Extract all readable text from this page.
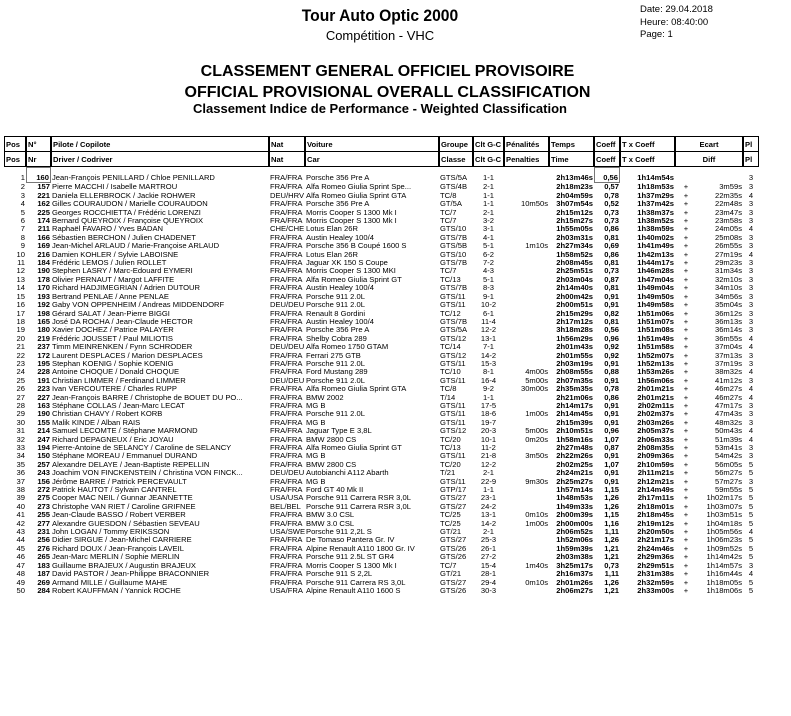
Tour Auto Optic 2000
Compétition - VHC
Date: 29.04.2018
Heure: 08:40:00
Page: 1
CLASSEMENT GENERAL OFFICIEL PROVISOIRE
OFFICIAL PROVISIONAL OVERALL CLASSIFICATION
Classement Indice de Performance - Weighted Classification
Pos	N°	Pilote / Copilote	Nat	Voiture	Groupe	Clt G-C	Pénalités	Temps	Coeff	T x Coeff	Ecart		Pl
Pos	Nr	Driver / Codriver	Nat	Car	Classe	Clt G-C	Penalties	Time	Coeff	T x Coeff	Diff		Pl
1	160	Jean-François PENILLARD / Chloe PENILLARD	FRA/FRA	Porsche 356 Pre A	GTS/5A	1-1		2h13m46s	0,56	1h14m54s			3
2	157	Pierre MACCHI / Isabelle MARTROU	FRA/FRA	Alfa Romeo Giulia Sprint Spe...	GTS/4B	2-1		2h18m23s	0,57	1h18m53s	+	3m59s	3
3	221	Daniela ELLERBROCK / Jackie ROHWER	DEU/HRV	Alfa Romeo Giulia Sprint GTA	TC/8	1-1		2h04m59s	0,78	1h37m29s	+	22m35s	4
4	162	Gilles COURAUDON / Marielle COURAUDON	FRA/FRA	Porsche 356 Pre A	GT/5A	1-1	10m50s	3h07m54s	0,52	1h37m42s	+	22m48s	3
5	225	Georges ROCCHIETTA / Frédéric LORENZI	FRA/FRA	Morris Cooper S 1300 Mk I	TC/7	2-1		2h15m12s	0,73	1h38m37s	+	23m47s	3
6	174	Bernard QUEYROIX / Françoise QUEYROIX	FRA/FRA	Morris Cooper S 1300 Mk I	TC/7	3-2		2h15m27s	0,73	1h38m52s	+	23m58s	3
7	211	Raphaël FAVARO / Yves BADAN	CHE/CHE	Lotus Elan 26R	GTS/10	3-1		1h55m05s	0,86	1h38m59s	+	24m05s	4
8	166	Sébastien BERCHON / Julien CHADENET	FRA/FRA	Austin Healey 100/4	GTS/7B	4-1		2h03m31s	0,81	1h40m02s	+	25m08s	3
9	169	Jean-Michel ARLAUD / Marie-Françoise ARLAUD	FRA/FRA	Porsche 356 B Coupé 1600 S	GTS/5B	5-1	1m10s	2h27m34s	0,69	1h41m49s	+	26m55s	3
10	216	Damien KOHLER / Sylvie LABOISNE	FRA/FRA	Lotus Elan 26R	GTS/10	6-2		1h58m52s	0,86	1h42m13s	+	27m19s	4
11	184	Frédéric LEMOS / Julien ROLLET	FRA/FRA	Jaguar XK 150 S Coupe	GTS/7B	7-2		2h08m45s	0,81	1h44m17s	+	29m23s	3
12	190	Stephen LASRY / Marc-Edouard EYMERI	FRA/FRA	Morris Cooper S 1300 MKI	TC/7	4-3		2h25m51s	0,73	1h46m28s	+	31m34s	3
13	178	Olivier PERNAUT / Margot LAFFITE	FRA/FRA	Alfa Romeo Giulia Sprint GT	TC/13	5-1		2h03m04s	0,87	1h47m04s	+	32m10s	3
14	170	Richard HADJIMEGRIAN / Adrien DUTOUR	FRA/FRA	Austin Healey 100/4	GTS/7B	8-3		2h14m40s	0,81	1h49m04s	+	34m10s	3
15	193	Bertrand PENLAE / Anne PENLAE	FRA/FRA	Porsche 911 2.0L	GTS/11	9-1		2h00m42s	0,91	1h49m50s	+	34m56s	3
16	192	Gaby VON OPPENHEIM / Andreas MIDDENDORF	DEU/DEU	Porsche 911 2.0L	GTS/11	10-2		2h00m51s	0,91	1h49m58s	+	35m04s	3
17	198	Gérard SALAT / Jean-Pierre BIGGI	FRA/FRA	Renault 8 Gordini	TC/12	6-1		2h15m29s	0,82	1h51m06s	+	36m12s	3
18	165	José DA ROCHA / Jean-Claude HECTOR	FRA/FRA	Austin Healey 100/4	GTS/7B	11-4		2h17m12s	0,81	1h51m07s	+	36m13s	3
19	180	Xavier DOCHEZ / Patrice PALAYER	FRA/FRA	Porsche 356 Pre A	GTS/5A	12-2		3h18m28s	0,56	1h51m08s	+	36m14s	3
20	219	Frédéric JOUSSET / Paul MILIOTIS	FRA/FRA	Shelby Cobra 289	GTS/12	13-1		1h56m29s	0,96	1h51m49s	+	36m55s	4
21	237	Timm MEINRENKEN / Fynn SCHRODER	DEU/DEU	Alfa Romeo 1750 GTAM	TC/14	7-1		2h01m43s	0,92	1h51m58s	+	37m04s	4
22	172	Laurent DESPLACES / Marion DESPLACES	FRA/FRA	Ferrari 275 GTB	GTS/12	14-2		2h01m55s	0,92	1h52m07s	+	37m13s	3
23	195	Stephan KOENIG / Sophie KOENIG	FRA/FRA	Porsche 911 2.0L	GTS/11	15-3		2h03m19s	0,91	1h52m13s	+	37m19s	3
24	228	Antoine CHOQUE / Donald CHOQUE	FRA/FRA	Ford Mustang 289	TC/10	8-1	4m00s	2h08m55s	0,88	1h53m26s	+	38m32s	4
25	191	Christian LIMMER / Ferdinand LIMMER	DEU/DEU	Porsche 911 2.0L	GTS/11	16-4	5m00s	2h07m35s	0,91	1h56m06s	+	41m12s	3
26	223	Ivan VERCOUTERE / Charles RUPP	FRA/FRA	Alfa Romeo Giulia Sprint GTA	TC/8	9-2	30m00s	2h35m35s	0,78	2h01m21s	+	46m27s	4
27	227	Jean-François BARRE / Christophe de BOUET DU PO...	FRA/FRA	BMW 2002	T/14	1-1		2h21m06s	0,86	2h01m21s	+	46m27s	4
28	163	Stéphane COLLAS / Jean-Marc LECAT	FRA/FRA	MG B	GTS/11	17-5		2h14m17s	0,91	2h02m11s	+	47m17s	3
29	190	Christian CHAVY / Robert KORB	FRA/FRA	Porsche 911 2.0L	GTS/11	18-6	1m00s	2h14m45s	0,91	2h02m37s	+	47m43s	3
30	155	Malik KINDE / Alban RAIS	FRA/FRA	MG B	GTS/11	19-7		2h15m39s	0,91	2h03m26s	+	48m32s	3
31	214	Samuel LECOMTE / Stéphane MARMOND	FRA/FRA	Jaguar Type E 3,8L	GTS/12	20-3	5m00s	2h10m51s	0,96	2h05m37s	+	50m43s	4
32	247	Richard DEPAGNEUX / Eric JOYAU	FRA/FRA	BMW 2800 CS	TC/20	10-1	0m20s	1h58m16s	1,07	2h06m33s	+	51m39s	4
33	194	Pierre-Antoine de SELANCY / Caroline de SELANCY	FRA/FRA	Alfa Romeo Giulia Sprint GT	TC/13	11-2		2h27m48s	0,87	2h08m35s	+	53m41s	3
34	150	Stéphane MOREAU / Emmanuel DURAND	FRA/FRA	MG B	GTS/11	21-8	3m50s	2h22m26s	0,91	2h09m36s	+	54m42s	3
35	257	Alexandre DELAYE / Jean-Baptiste REPELLIN	FRA/FRA	BMW 2800 CS	TC/20	12-2		2h02m25s	1,07	2h10m59s	+	56m05s	5
36	243	Joachim VON FINCKENSTEIN / Christina VON FINCK...	DEU/DEU	Autobianchi A112 Abarth	T/21	2-1		2h24m21s	0,91	2h11m21s	+	56m27s	5
37	156	Jérôme BARRE / Patrick PERCEVAULT	FRA/FRA	MG B	GTS/11	22-9	9m30s	2h25m27s	0,91	2h12m21s	+	57m27s	3
38	272	Patrick HAUTOT / Sylvain CANTREL	FRA/FRA	Ford GT 40 Mk II	GTP/17	1-1		1h57m14s	1,15	2h14m49s	+	59m55s	5
39	275	Cooper MAC NEIL / Gunnar JEANNETTE	USA/USA	Porsche 911 Carrera RSR 3,0L	GTS/27	23-1		1h48m53s	1,26	2h17m11s	+	1h02m17s	5
40	273	Christophe VAN RIET / Caroline GRIFNEE	BEL/BEL	Porsche 911 Carrera RSR 3,0L	GTS/27	24-2		1h49m33s	1,26	2h18m01s	+	1h03m07s	5
41	255	Jean-Claude BASSO / Robert VERBER	FRA/FRA	BMW 3.0 CSL	TC/25	13-1	0m10s	2h00m39s	1,15	2h18m45s	+	1h03m51s	5
42	277	Alexandre GUESDON / Sébastien SEVEAU	FRA/FRA	BMW 3.0 CSL	TC/25	14-2	1m00s	2h00m00s	1,16	2h19m12s	+	1h04m18s	5
43	231	John LOGAN / Tommy ERIKSSON	USA/SWE	Porsche 911 2,2L S	GT/21	2-1		2h06m52s	1,11	2h20m50s	+	1h05m56s	4
44	256	Didier SIRGUE / Jean-Michel CARRIERE	FRA/FRA	De Tomaso Pantera Gr. IV	GTS/27	25-3		1h52m06s	1,26	2h21m17s	+	1h06m23s	5
45	276	Richard DOUX / Jean-François LAVEIL	FRA/FRA	Alpine Renault A110 1800 Gr. IV	GTS/26	26-1		1h59m39s	1,21	2h24m46s	+	1h09m52s	5
46	265	Jean-Marc MERLIN / Sophie MERLIN	FRA/FRA	Porsche 911 2.5L ST GR4	GTS/26	27-2		2h03m38s	1,21	2h29m36s	+	1h14m42s	5
47	183	Guillaume BRAJEUX / Augustin BRAJEUX	FRA/FRA	Morris Cooper S 1300 Mk I	TC/7	15-4	1m40s	3h25m17s	0,73	2h29m51s	+	1h14m57s	3
48	187	David PASTOR / Jean-Philippe BRACONNIER	FRA/FRA	Porsche 911 S 2,2L	GT/21	28-1		2h16m37s	1,11	2h31m38s	+	1h16m44s	4
49	269	Armand MILLE / Guillaume MAHE	FRA/FRA	Porsche 911 Carrera RS 3,0L	GTS/27	29-4	0m10s	2h01m26s	1,26	2h32m59s	+	1h18m05s	5
50	284	Robert KAUFFMAN / Yannick ROCHE	USA/FRA	Alpine Renault A110 1600 S	GTS/26	30-3		2h06m27s	1,21	2h33m00s	+	1h18m06s	5
